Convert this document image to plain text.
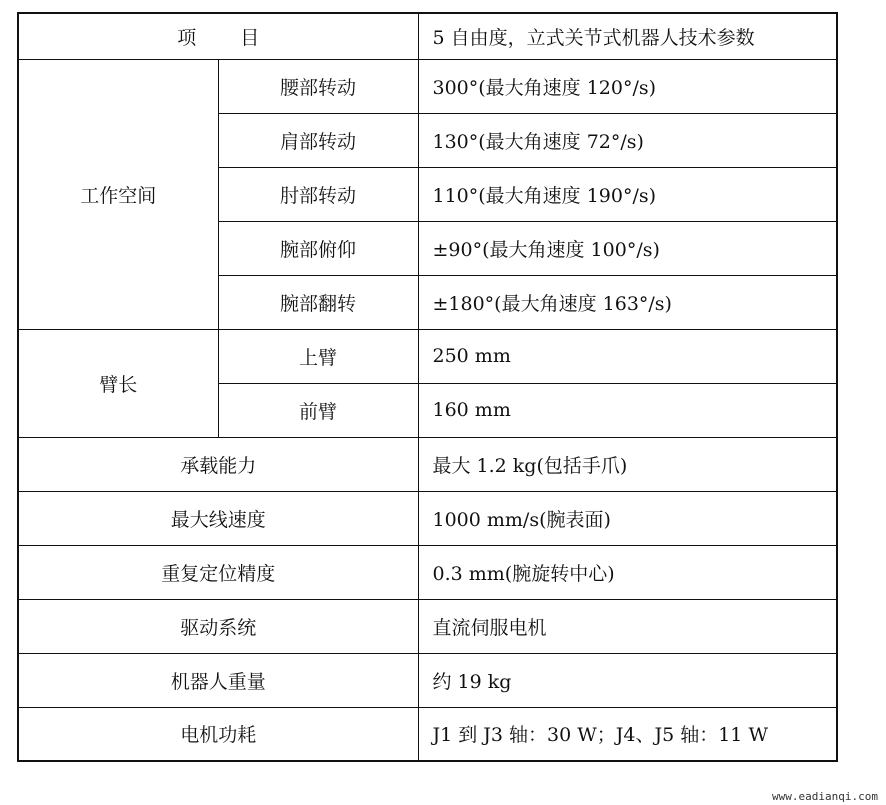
项 目		5 自由度，立式关节式机器人技术参数
工作空间	腰部转动	300°(最大角速度 120°/s)
	肩部转动	130°(最大角速度 72°/s)
	肘部转动	110°(最大角速度 190°/s)
	腕部俯仰	±90°(最大角速度 100°/s)
	腕部翻转	±180°(最大角速度 163°/s)
臂长	上臂	250 mm
	前臂	160 mm
承载能力		最大 1.2 kg(包括手爪)
最大线速度		1000 mm/s(腕表面)
重复定位精度		0.3 mm(腕旋转中心)
驱动系统		直流伺服电机
机器人重量		约 19 kg
电机功耗		J1 到 J3 轴：30 W；J4、J5 轴：11 W
www.eadianqi.com
